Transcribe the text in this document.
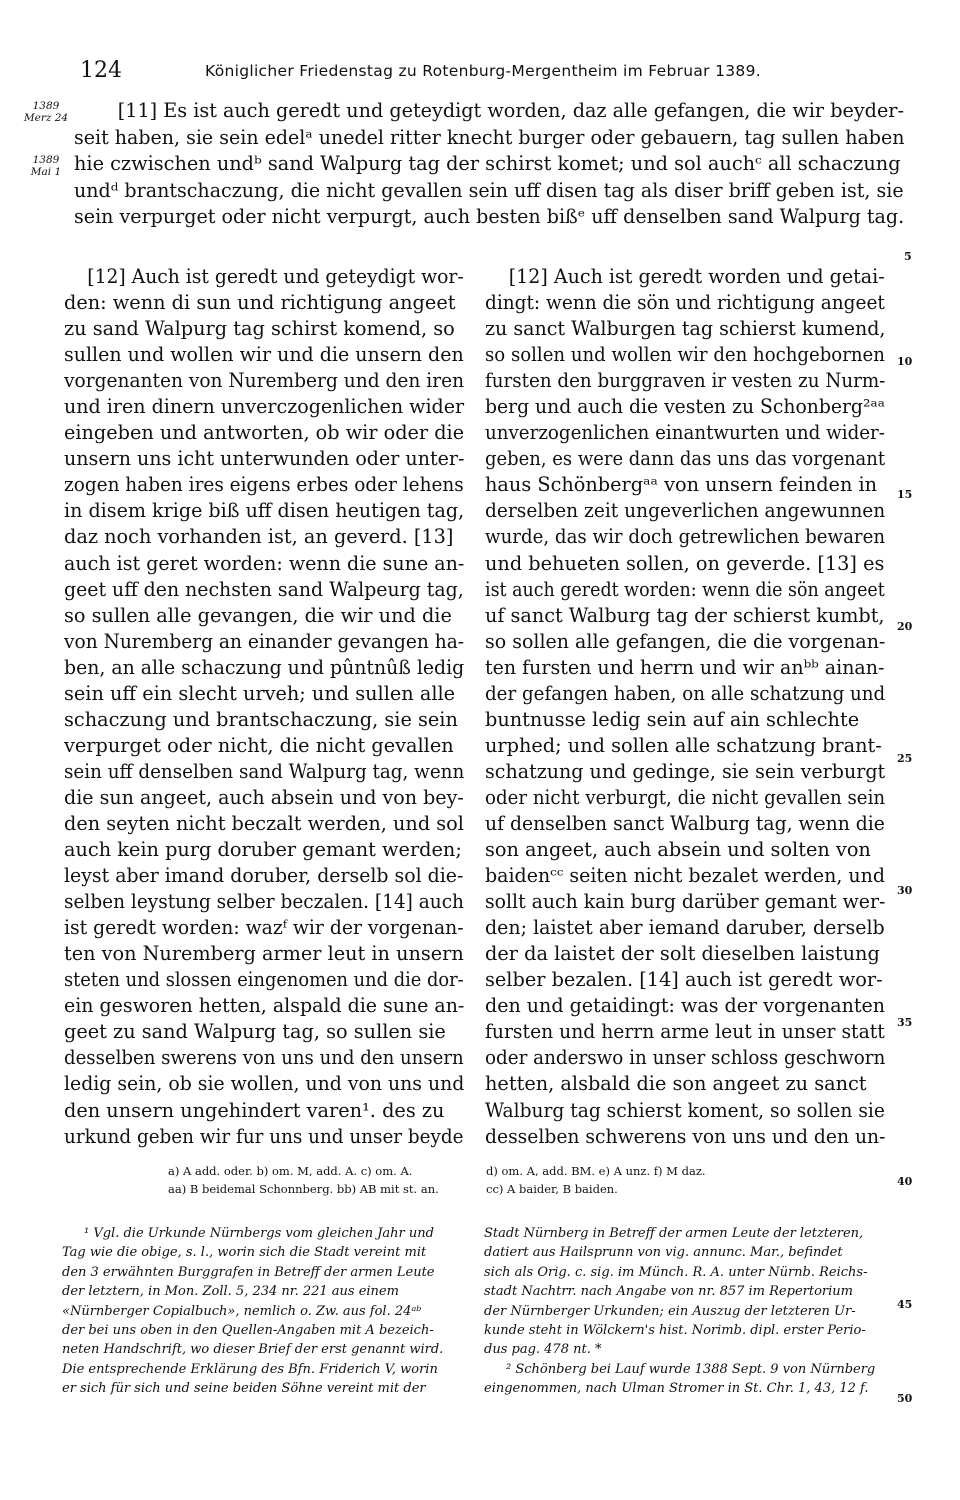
124	Königlicher Friedenstag zu Rotenburg-Mergentheim im Februar 1389.
1389
Merz 24
1389
Mai 1
[11] Es ist auch geredt und geteydigt worden, daz alle gefangen, die wir beyder-
seit haben, sie sein edelᵃ unedel ritter knecht burger oder gebauern, tag sullen haben
hie czwischen undᵇ sand Walpurg tag der schirst komet; und sol auchᶜ all schaczung
undᵈ brantschaczung, die nicht gevallen sein uff disen tag als diser briff geben ist, sie
sein verpurget oder nicht verpurgt, auch besten bißᵉ uff denselben sand Walpurg tag.
[12] Auch ist geredt und geteydigt wor-
den: wenn di sun und richtigung angeet
zu sand Walpurg tag schirst komend, so
sullen und wollen wir und die unsern den
vorgenanten von Nuremberg und den iren
und iren dinern unverczogenlichen wider
eingeben und antworten, ob wir oder die
unsern uns icht unterwunden oder unter-
zogen haben ires eigens erbes oder lehens
in disem krige biß uff disen heutigen tag,
daz noch vorhanden ist, an geverd. [13]
auch ist geret worden: wenn die sune an-
geet uff den nechsten sand Walpeurg tag,
so sullen alle gevangen, die wir und die
von Nuremberg an einander gevangen ha-
ben, an alle schaczung und pûntnûß ledig
sein uff ein slecht urveh; und sullen alle
schaczung und brantschaczung, sie sein
verpurget oder nicht, die nicht gevallen
sein uff denselben sand Walpurg tag, wenn
die sun angeet, auch absein und von bey-
den seyten nicht beczalt werden, und sol
auch kein purg doruber gemant werden;
leyst aber imand doruber, derselb sol die-
selben leystung selber beczalen. [14] auch
ist geredt worden: wazᶠ wir der vorgenan-
ten von Nuremberg armer leut in unsern
steten und slossen eingenomen und die dor-
ein gesworen hetten, alspald die sune an-
geet zu sand Walpurg tag, so sullen sie
desselben swerens von uns und den unsern
ledig sein, ob sie wollen, und von uns und
den unsern ungehindert varen¹. des zu
urkund geben wir fur uns und unser beyde
[12] Auch ist geredt worden und getai-
dingt: wenn die sön und richtigung angeet
zu sanct Walburgen tag schierst kumend,
so sollen und wollen wir den hochgebornen
fursten den burggraven ir vesten zu Nurm-
berg und auch die vesten zu Schonberg²ᵃᵃ
unverzogenlichen einantwurten und wider-
geben, es were dann das uns das vorgenant
haus Schönbergᵃᵃ von unsern feinden in
derselben zeit ungeverlichen angewunnen
wurde, das wir doch getrewlichen bewaren
und behueten sollen, on geverde. [13] es
ist auch geredt worden: wenn die sön angeet
uf sanct Walburg tag der schierst kumbt,
so sollen alle gefangen, die die vorgenan-
ten fursten und herrn und wir anᵇᵇ ainan-
der gefangen haben, on alle schatzung und
buntnusse ledig sein auf ain schlechte
urphed; und sollen alle schatzung brant-
schatzung und gedinge, sie sein verburgt
oder nicht verburgt, die nicht gevallen sein
uf denselben sanct Walburg tag, wenn die
son angeet, auch absein und solten von
baidenᶜᶜ seiten nicht bezalet werden, und
sollt auch kain burg darüber gemant wer-
den; laistet aber iemand daruber, derselb
der da laistet der solt dieselben laistung
selber bezalen. [14] auch ist geredt wor-
den und getaidingt: was der vorgenanten
fursten und herrn arme leut in unser statt
oder anderswo in unser schloss geschworn
hetten, alsbald die son angeet zu sanct
Walburg tag schierst koment, so sollen sie
desselben schwerens von uns und den un-
5
10
15
20
25
30
35
40
45
50
a) A add. oder. b) om. M, add. A. c) om. A.
aa) B beidemal Schonnberg. bb) AB mit st. an.
d) om. A, add. BM. e) A unz. f) M daz.
cc) A baider, B baiden.
¹ Vgl. die Urkunde Nürnbergs vom gleichen Jahr und
Tag wie die obige, s. l., worin sich die Stadt vereint mit
den 3 erwähnten Burggrafen in Betreff der armen Leute
der letztern, in Mon. Zoll. 5, 234 nr. 221 aus einem
«Nürnberger Copialbuch», nemlich o. Zw. aus fol. 24ᵃᵇ
der bei uns oben in den Quellen-Angaben mit A bezeich-
neten Handschrift, wo dieser Brief der erst genannt wird.
Die entsprechende Erklärung des Bfn. Friderich V, worin
er sich für sich und seine beiden Söhne vereint mit der
Stadt Nürnberg in Betreff der armen Leute der letzteren,
datiert aus Hailsprunn von vig. annunc. Mar., befindet
sich als Orig. c. sig. im Münch. R. A. unter Nürnb. Reichs-
stadt Nachtrr. nach Angabe von nr. 857 im Repertorium
der Nürnberger Urkunden; ein Auszug der letzteren Ur-
kunde steht in Wölckern's hist. Norimb. dipl. erster Perio-
dus pag. 478 nt. *
² Schönberg bei Lauf wurde 1388 Sept. 9 von Nürnberg
eingenommen, nach Ulman Stromer in St. Chr. 1, 43, 12 f.
